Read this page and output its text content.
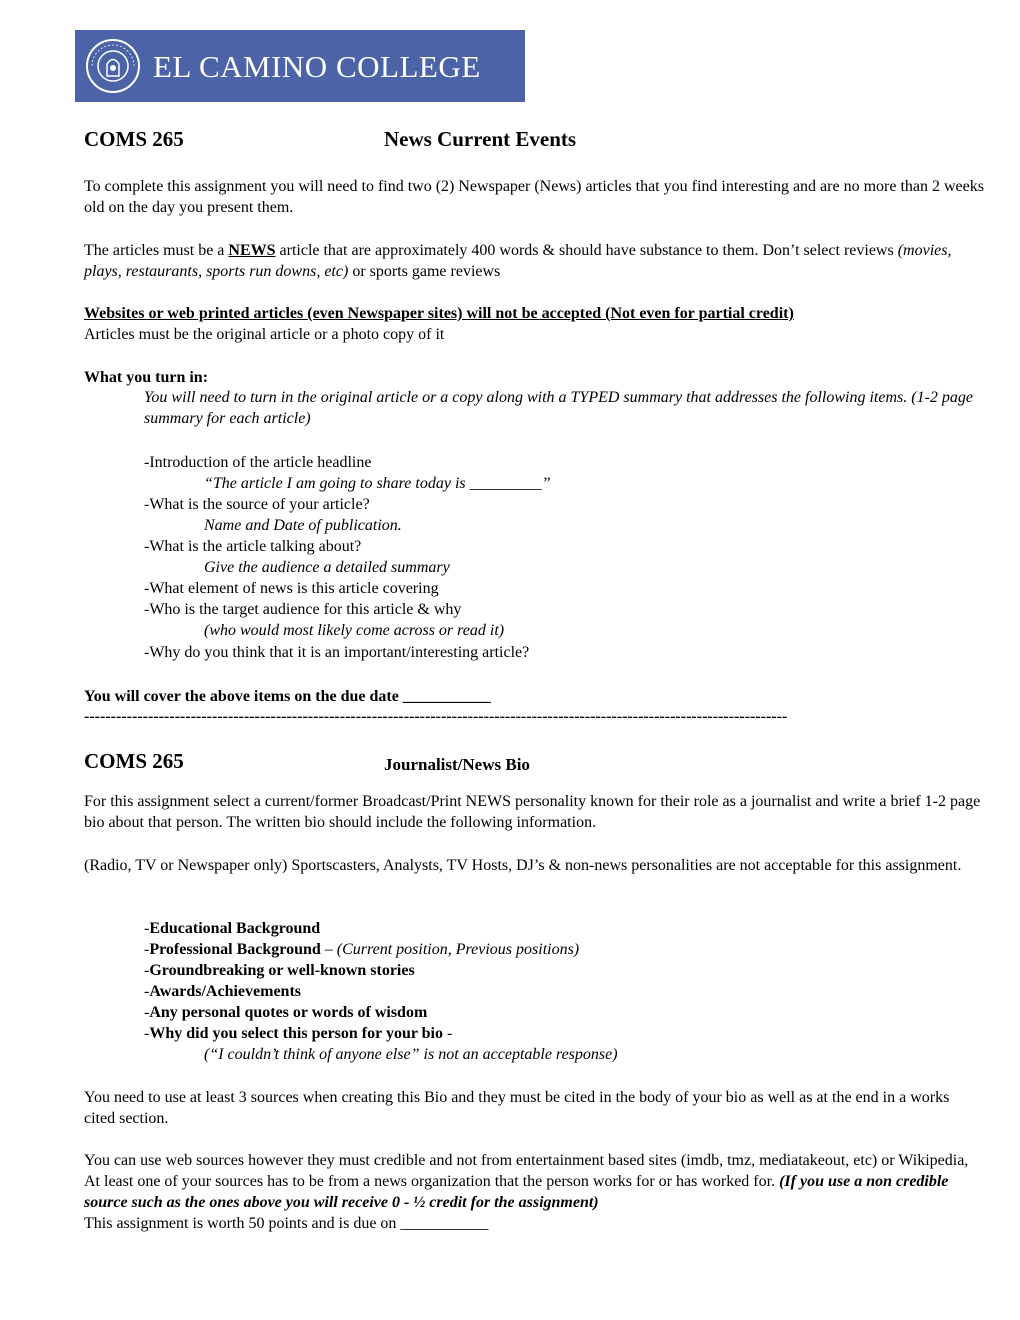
EL CAMINO COLLEGE
COMS 265	News Current Events
To complete this assignment you will need to find two (2) Newspaper (News) articles that you find interesting and are no more than 2 weeks old on the day you present them.
The articles must be a NEWS article that are approximately 400 words & should have substance to them. Don’t select reviews (movies, plays, restaurants, sports run downs, etc) or sports game reviews
Websites or web printed articles (even Newspaper sites) will not be accepted (Not even for partial credit)
Articles must be the original article or a photo copy of it
What you turn in:
You will need to turn in the original article or a copy along with a TYPED summary that addresses the following items. (1-2 page summary for each article)
-Introduction of the article headline
“The article I am going to share today is _________”
-What is the source of your article?
Name and Date of publication.
-What is the article talking about?
Give the audience a detailed summary
-What element of news is this article covering
-Who is the target audience for this article & why
(who would most likely come across or read it)
-Why do you think that it is an important/interesting article?
You will cover the above items on the due date ___________
------------------------------------------------------------------------------------------------------------------------------------
COMS 265	Journalist/News Bio
For this assignment select a current/former Broadcast/Print NEWS personality known for their role as a journalist and write a brief 1-2 page bio about that person. The written bio should include the following information.
(Radio, TV or Newspaper only) Sportscasters, Analysts, TV Hosts, DJ’s & non-news personalities are not acceptable for this assignment.
-Educational Background
-Professional Background – (Current position, Previous positions)
-Groundbreaking or well-known stories
-Awards/Achievements
-Any personal quotes or words of wisdom
-Why did you select this person for your bio -
(“I couldn’t think of anyone else” is not an acceptable response)
You need to use at least 3 sources when creating this Bio and they must be cited in the body of your bio as well as at the end in a works cited section.
You can use web sources however they must credible and not from entertainment based sites (imdb, tmz, mediatakeout, etc) or Wikipedia, At least one of your sources has to be from a news organization that the person works for or has worked for. (If you use a non credible source such as the ones above you will receive 0 - ½ credit for the assignment)
This assignment is worth 50 points and is due on ___________
